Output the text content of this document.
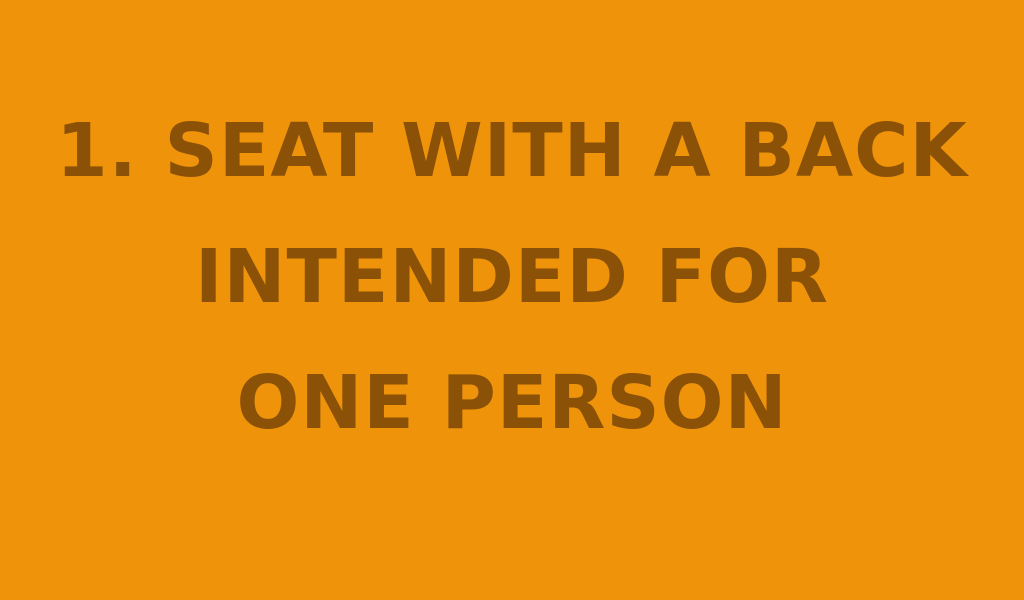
1. SEAT WITH A BACK
INTENDED FOR
ONE PERSON
